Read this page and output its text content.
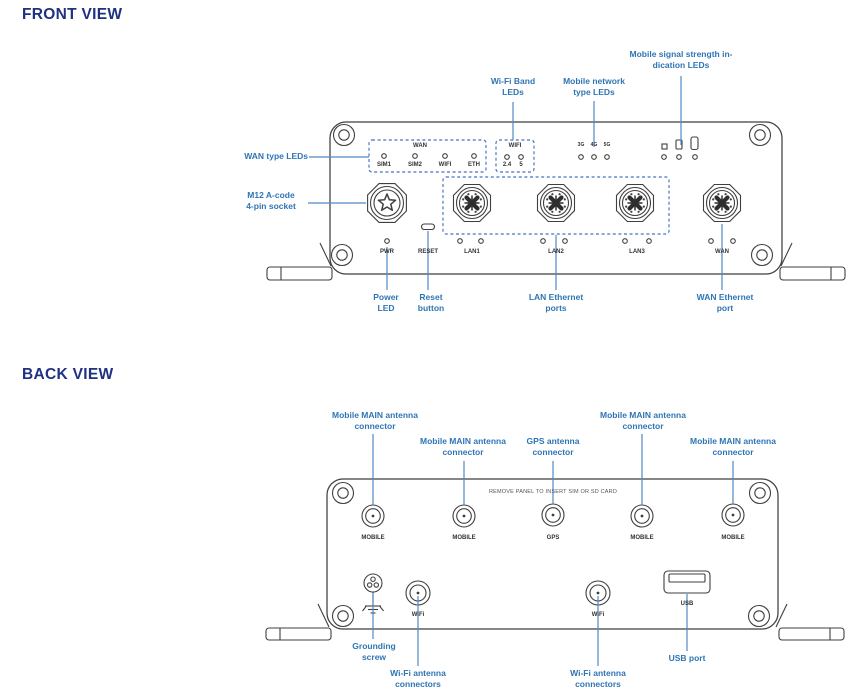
FRONT VIEW
WAN
SIM1	SIM2	WIFI	ETH
WIFI
2.4 5
3G 4G 5G
PWR	RESET	LAN1	LAN2	LAN3	WAN
WAN type LEDs
M12 A-code
4-pin socket
Wi-Fi Band
LEDs
Mobile network
type LEDs
Mobile signal strength in-
dication LEDs
Power
LED
Reset
button
LAN Ethernet
ports
WAN Ethernet
port
BACK VIEW
REMOVE PANEL TO INSERT SIM OR SD CARD
MOBILE	MOBILE	GPS	MOBILE	MOBILE
WiFi	WiFi
USB
Mobile MAIN antenna
connector
Mobile MAIN antenna
connector
GPS antenna
connector
Mobile MAIN antenna
connector
Mobile MAIN antenna
connector
Grounding
screw
Wi-Fi antenna
connectors
Wi-Fi antenna
connectors
USB port
